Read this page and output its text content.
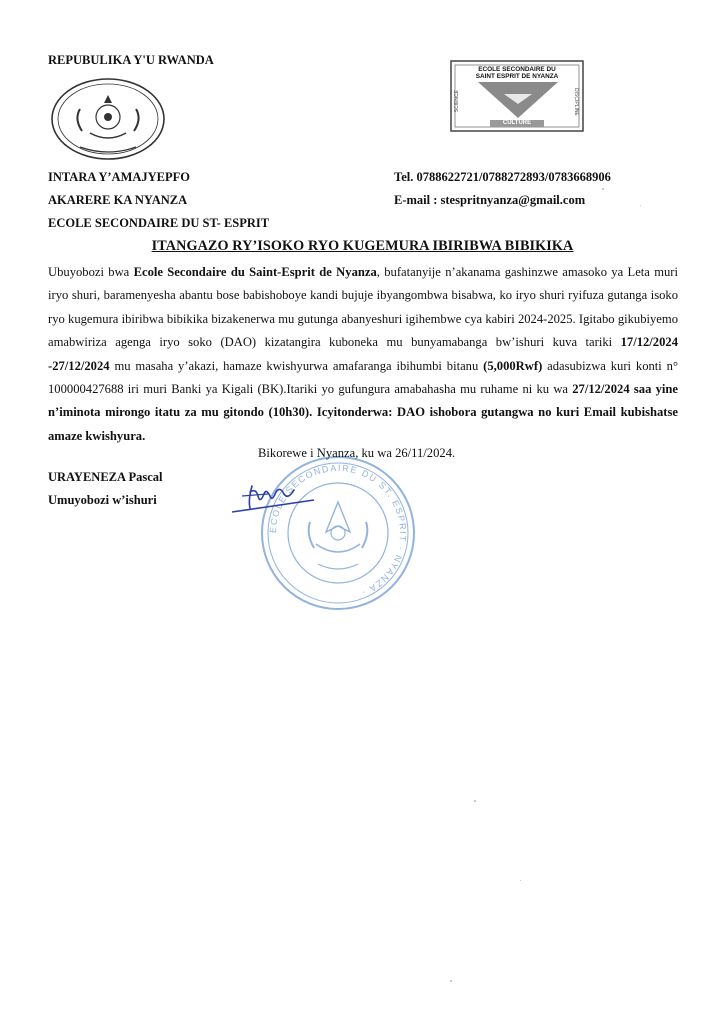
REPUBULIKA Y'U RWANDA
ECOLE SECONDAIRE DU
SAINT ESPRIT DE NYANZA
SCIENCE	DISCIPLINE
CULTURE
INTARA Y’AMAJYEPFO
AKARERE KA NYANZA
ECOLE SECONDAIRE DU ST- ESPRIT
Tel. 0788622721/0788272893/0783668906
E-mail : stespritnyanza@gmail.com
ITANGAZO RY’ISOKO RYO KUGEMURA IBIRIBWA BIBIKIKA
Ubuyobozi bwa Ecole Secondaire du Saint-Esprit de Nyanza, bufatanyije n’akanama gashinzwe amasoko ya Leta muri iryo shuri, baramenyesha abantu bose babishoboye kandi bujuje ibyangombwa bisabwa, ko iryo shuri ryifuza gutanga isoko ryo kugemura ibiribwa bibikika bizakenerwa mu gutunga abanyeshuri igihembwe cya kabiri 2024-2025. Igitabo gikubiyemo amabwiriza agenga iryo soko (DAO) kizatangira kuboneka mu bunyamabanga bw’ishuri kuva tariki 17/12/2024 -27/12/2024 mu masaha y’akazi, hamaze kwishyurwa amafaranga ibihumbi bitanu (5,000Rwf) adasubizwa kuri konti n° 100000427688 iri muri Banki ya Kigali (BK).Itariki yo gufungura amabahasha mu ruhame ni ku wa 27/12/2024 saa yine n’iminota mirongo itatu za mu gitondo (10h30). Icyitonderwa: DAO ishobora gutangwa no kuri Email kubishatse amaze kwishyura.
ECOLE SECONDAIRE DU ST. ESPRIT · NYANZA ·
Bikorewe i Nyanza, ku wa 26/11/2024.
URAYENEZA Pascal
Umuyobozi w’ishuri
